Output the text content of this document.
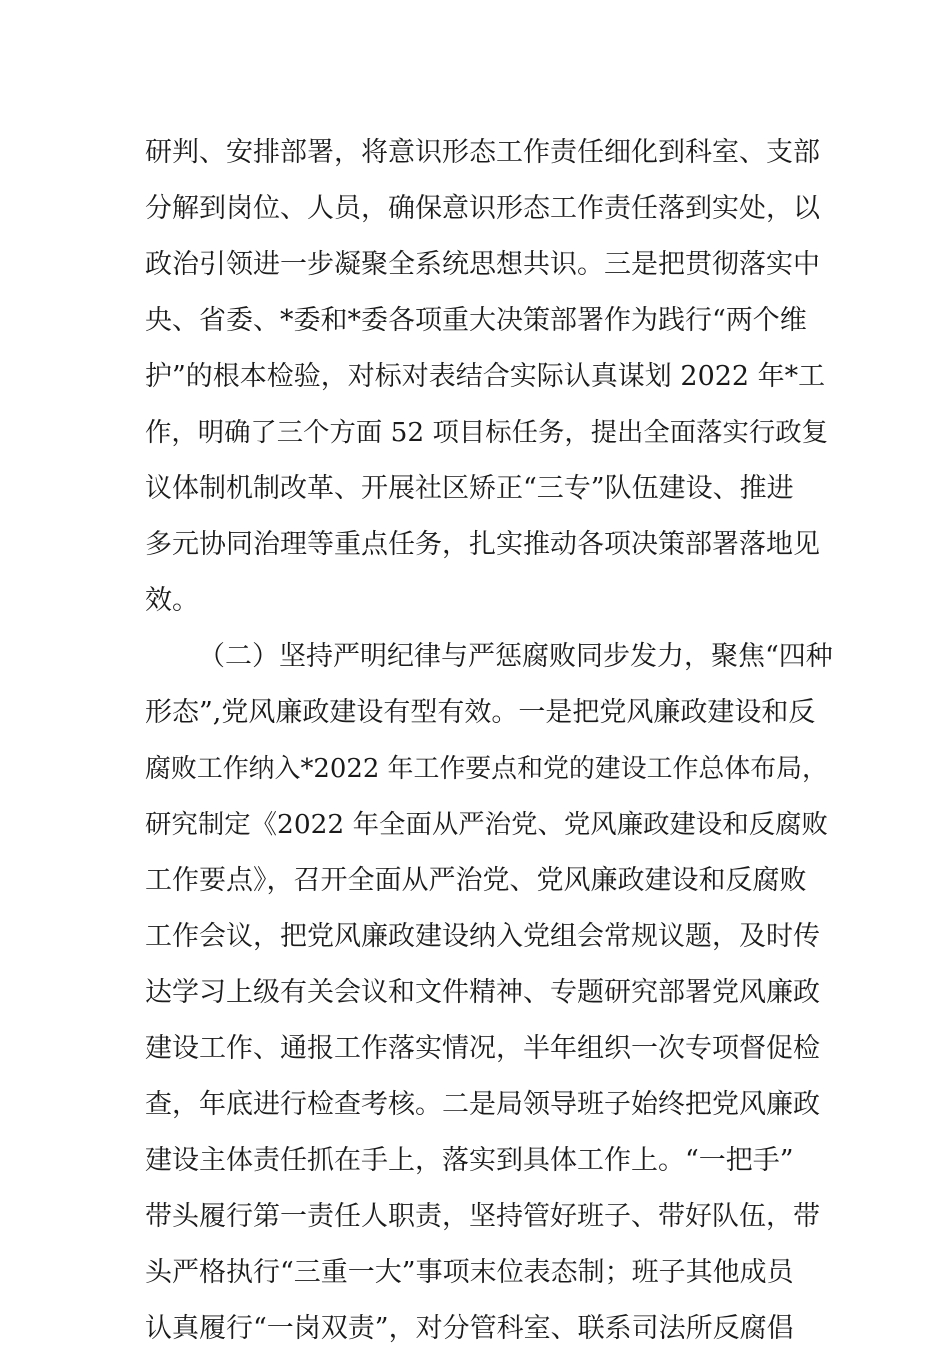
研判、安排部署，将意识形态工作责任细化到科室、支部
分解到岗位、人员，确保意识形态工作责任落到实处，以
政治引领进一步凝聚全系统思想共识。三是把贯彻落实中
央、省委、*委和*委各项重大决策部署作为践行“两个维
护”的根本检验，对标对表结合实际认真谋划 2022 年*工
作，明确了三个方面 52 项目标任务，提出全面落实行政复
议体制机制改革、开展社区矫正“三专”队伍建设、推进
多元协同治理等重点任务，扎实推动各项决策部署落地见
效。
（二）坚持严明纪律与严惩腐败同步发力，聚焦“四种
形态”,党风廉政建设有型有效。一是把党风廉政建设和反
腐败工作纳入*2022 年工作要点和党的建设工作总体布局，
研究制定《2022 年全面从严治党、党风廉政建设和反腐败
工作要点》，召开全面从严治党、党风廉政建设和反腐败
工作会议，把党风廉政建设纳入党组会常规议题，及时传
达学习上级有关会议和文件精神、专题研究部署党风廉政
建设工作、通报工作落实情况，半年组织一次专项督促检
查，年底进行检查考核。二是局领导班子始终把党风廉政
建设主体责任抓在手上，落实到具体工作上。“一把手”
带头履行第一责任人职责，坚持管好班子、带好队伍，带
头严格执行“三重一大”事项末位表态制；班子其他成员
认真履行“一岗双责”，对分管科室、联系司法所反腐倡
